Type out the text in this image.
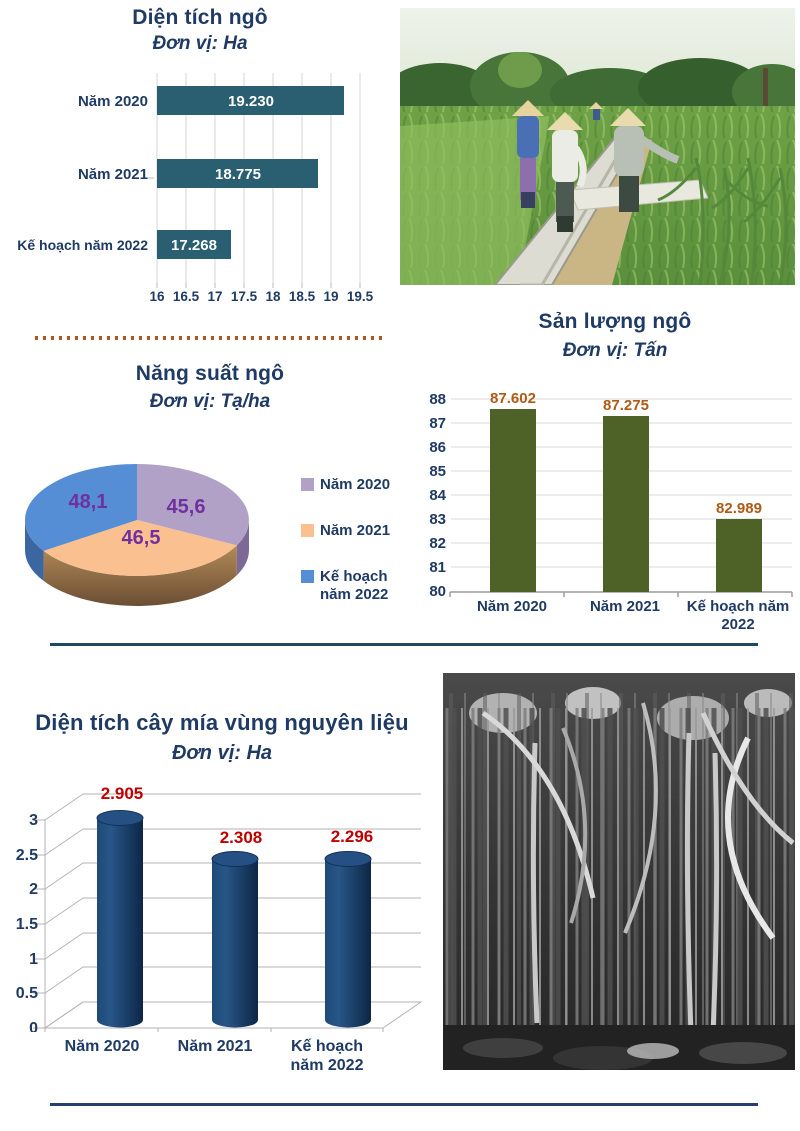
Diện tích ngô
Đơn vị: Ha
19.230
18.775
17.268
Năm 2020
Năm 2021
Kế hoạch năm 2022
16 16.5 17 17.5 18 18.5 19 19.5
Năng suất ngô
Đơn vị: Tạ/ha
48,1	45,6
46,5
Năm 2020
Năm 2021
Kế hoạch năm 2022
Sản lượng ngô
Đơn vị: Tấn
88
87
86
85
84
83
82
81
80
87.602	87.275
82.989
Năm 2020	Năm 2021	Kế hoạch năm 2022
Diện tích cây mía vùng nguyên liệu
Đơn vị: Ha
3
2.5
2
1.5
1
0.5
0
2.905
2.308	2.296
Năm 2020	Năm 2021	Kế hoạch năm 2022
